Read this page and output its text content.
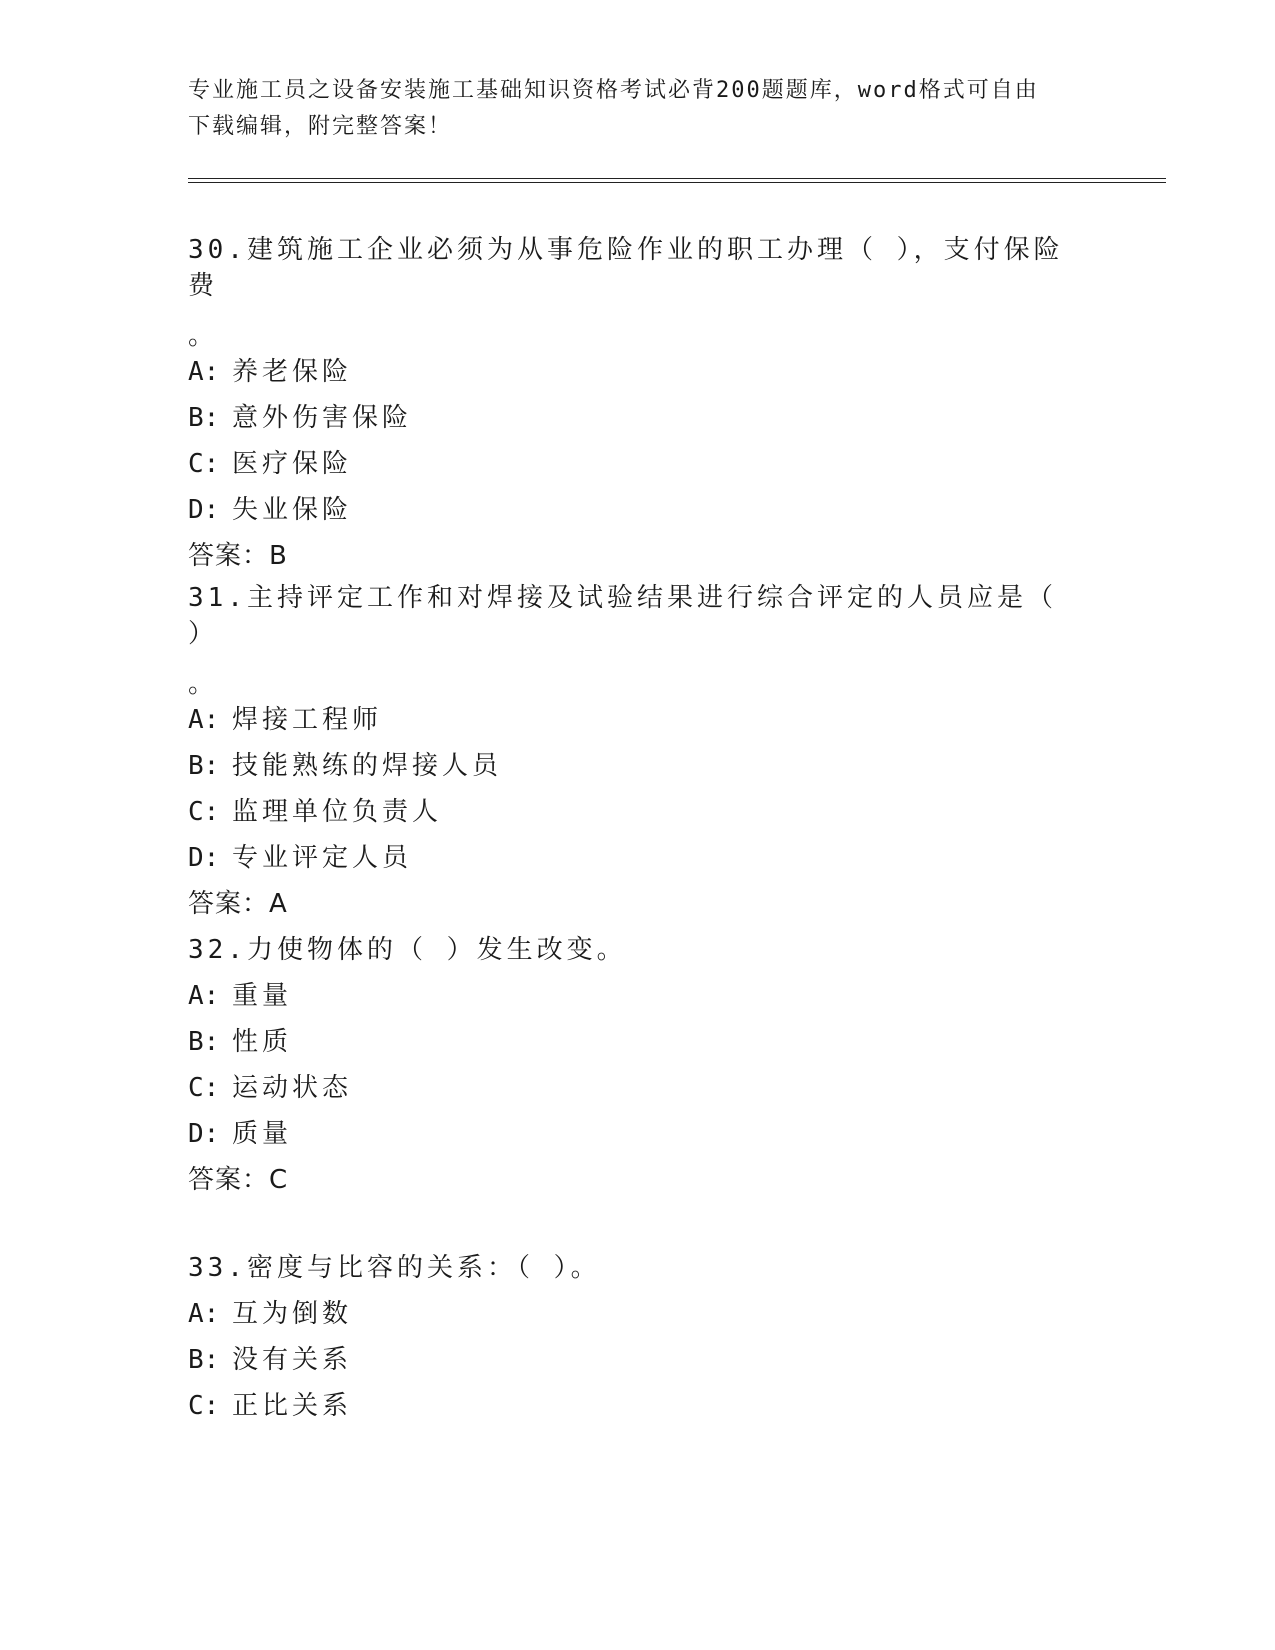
专业施工员之设备安装施工基础知识资格考试必背200题题库，word格式可自由
下载编辑，附完整答案！

30.建筑施工企业必须为从事危险作业的职工办理（ ），支付保险费

。

A: 养老保险

B: 意外伤害保险

C: 医疗保险

D: 失业保险

答案：B

31.主持评定工作和对焊接及试验结果进行综合评定的人员应是（ ）

。

A: 焊接工程师

B: 技能熟练的焊接人员

C: 监理单位负责人

D: 专业评定人员

答案：A

32.力使物体的（ ）发生改变。

A: 重量

B: 性质

C: 运动状态

D: 质量

答案：C

33.密度与比容的关系：（ ）。

A: 互为倒数

B: 没有关系

C: 正比关系
